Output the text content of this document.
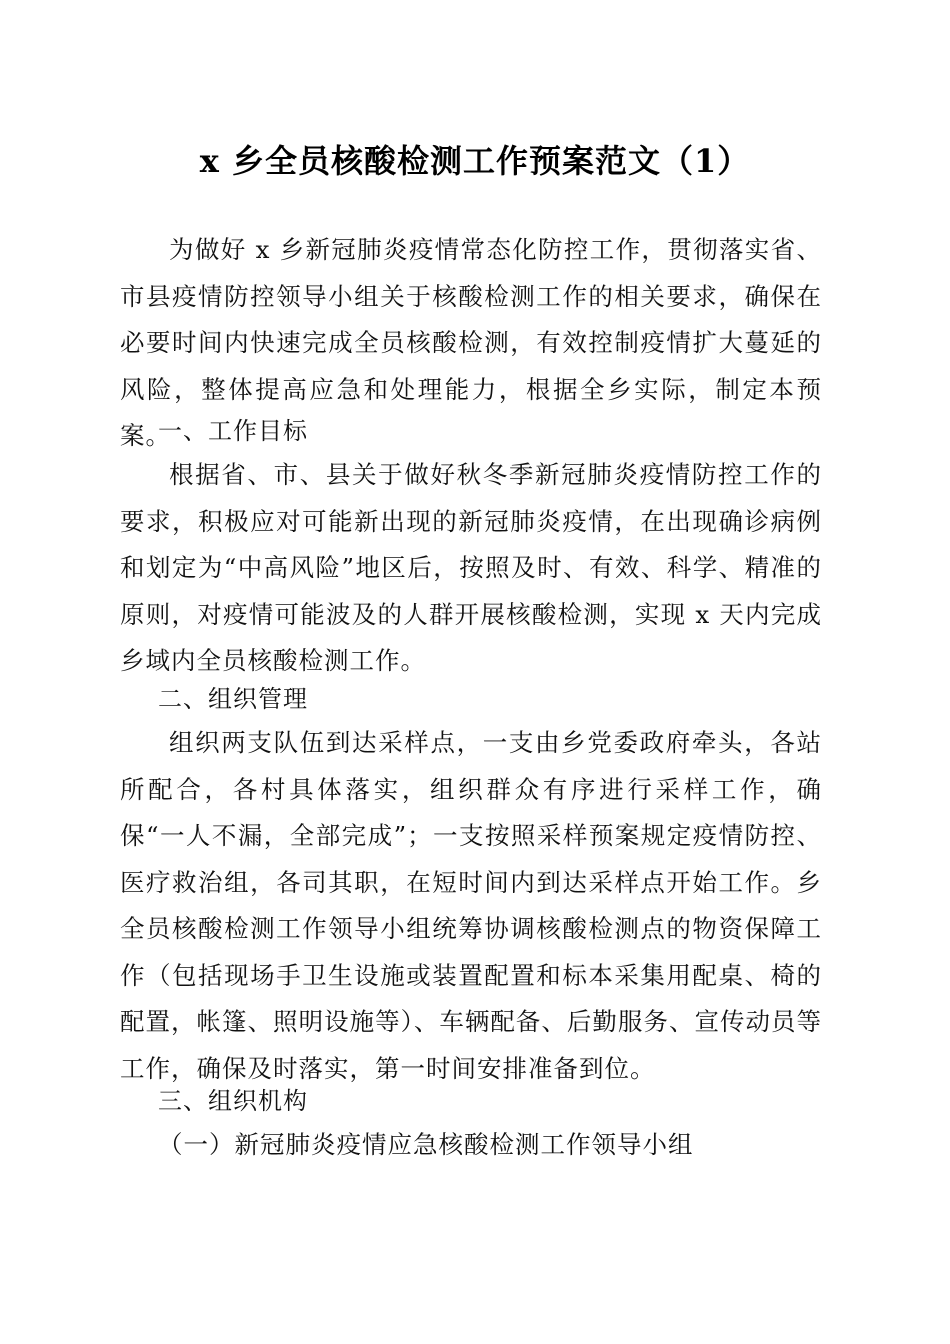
x 乡全员核酸检测工作预案范文（1）

为做好 x 乡新冠肺炎疫情常态化防控工作，贯彻落实省、市县疫情防控领导小组关于核酸检测工作的相关要求，确保在必要时间内快速完成全员核酸检测，有效控制疫情扩大蔓延的风险，整体提高应急和处理能力，根据全乡实际，制定本预案。

一、工作目标

根据省、市、县关于做好秋冬季新冠肺炎疫情防控工作的要求，积极应对可能新出现的新冠肺炎疫情，在出现确诊病例和划定为“中高风险”地区后，按照及时、有效、科学、精准的原则，对疫情可能波及的人群开展核酸检测，实现 x 天内完成乡域内全员核酸检测工作。

二、组织管理

组织两支队伍到达采样点，一支由乡党委政府牵头，各站所配合，各村具体落实，组织群众有序进行采样工作，确保“一人不漏，全部完成”；一支按照采样预案规定疫情防控、医疗救治组，各司其职，在短时间内到达采样点开始工作。乡全员核酸检测工作领导小组统筹协调核酸检测点的物资保障工作（包括现场手卫生设施或装置配置和标本采集用配桌、椅的配置，帐篷、照明设施等）、车辆配备、后勤服务、宣传动员等工作，确保及时落实，第一时间安排准备到位。

三、组织机构

（一）新冠肺炎疫情应急核酸检测工作领导小组
